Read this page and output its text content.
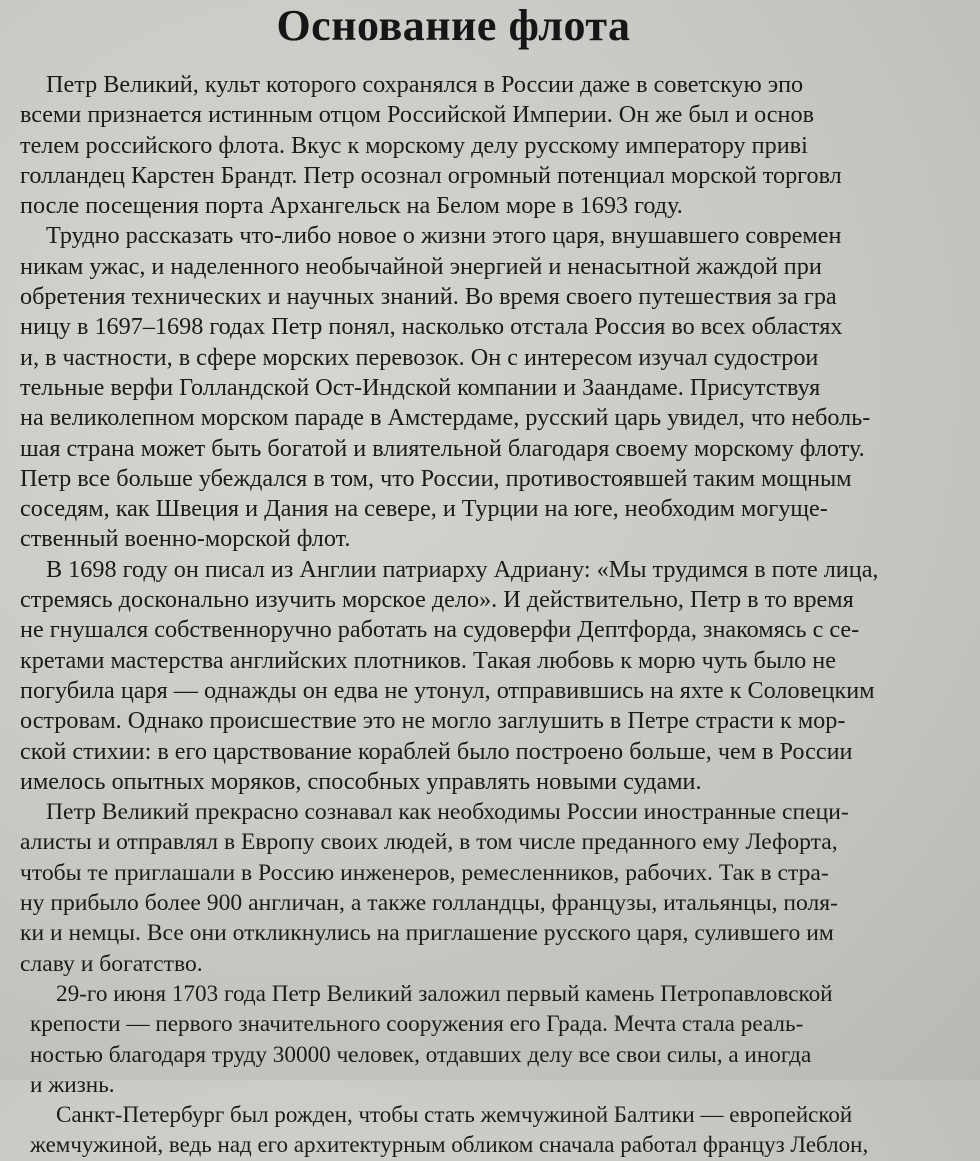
Основание флота
Петр Великий, культ которого сохранялся в России даже в советскую эпо
всеми признается истинным отцом Российской Империи. Он же был и основ
телем российского флота. Вкус к морскому делу русскому императору приві
голландец Карстен Брандт. Петр осознал огромный потенциал морской торговл
после посещения порта Архангельск на Белом море в 1693 году.
Трудно рассказать что-либо новое о жизни этого царя, внушавшего современ
никам ужас, и наделенного необычайной энергией и ненасытной жаждой при
обретения технических и научных знаний. Во время своего путешествия за гра
ницу в 1697–1698 годах Петр понял, насколько отстала Россия во всех областях
и, в частности, в сфере морских перевозок. Он с интересом изучал судострои
тельные верфи Голландской Ост-Индской компании и Заандаме. Присутствуя
на великолепном морском параде в Амстердаме, русский царь увидел, что неболь-
шая страна может быть богатой и влиятельной благодаря своему морскому флоту.
Петр все больше убеждался в том, что России, противостоявшей таким мощным
соседям, как Швеция и Дания на севере, и Турции на юге, необходим могуще-
ственный военно-морской флот.
В 1698 году он писал из Англии патриарху Адриану: «Мы трудимся в поте лица,
стремясь досконально изучить морское дело». И действительно, Петр в то время
не гнушался собственноручно работать на судоверфи Дептфорда, знакомясь с се-
кретами мастерства английских плотников. Такая любовь к морю чуть было не
погубила царя — однажды он едва не утонул, отправившись на яхте к Соловецким
островам. Однако происшествие это не могло заглушить в Петре страсти к мор-
ской стихии: в его царствование кораблей было построено больше, чем в России
имелось опытных моряков, способных управлять новыми судами.
Петр Великий прекрасно сознавал как необходимы России иностранные специ-
алисты и отправлял в Европу своих людей, в том числе преданного ему Лефорта,
чтобы те приглашали в Россию инженеров, ремесленников, рабочих. Так в стра-
ну прибыло более 900 англичан, а также голландцы, французы, итальянцы, поля-
ки и немцы. Все они откликнулись на приглашение русского царя, сулившего им
славу и богатство.
29-го июня 1703 года Петр Великий заложил первый камень Петропавловской
крепости — первого значительного сооружения его Града. Мечта стала реаль-
ностью благодаря труду 30000 человек, отдавших делу все свои силы, а иногда
и жизнь.
Санкт-Петербург был рожден, чтобы стать жемчужиной Балтики — европейской
жемчужиной, ведь над его архитектурным обликом сначала работал француз Леблон,
